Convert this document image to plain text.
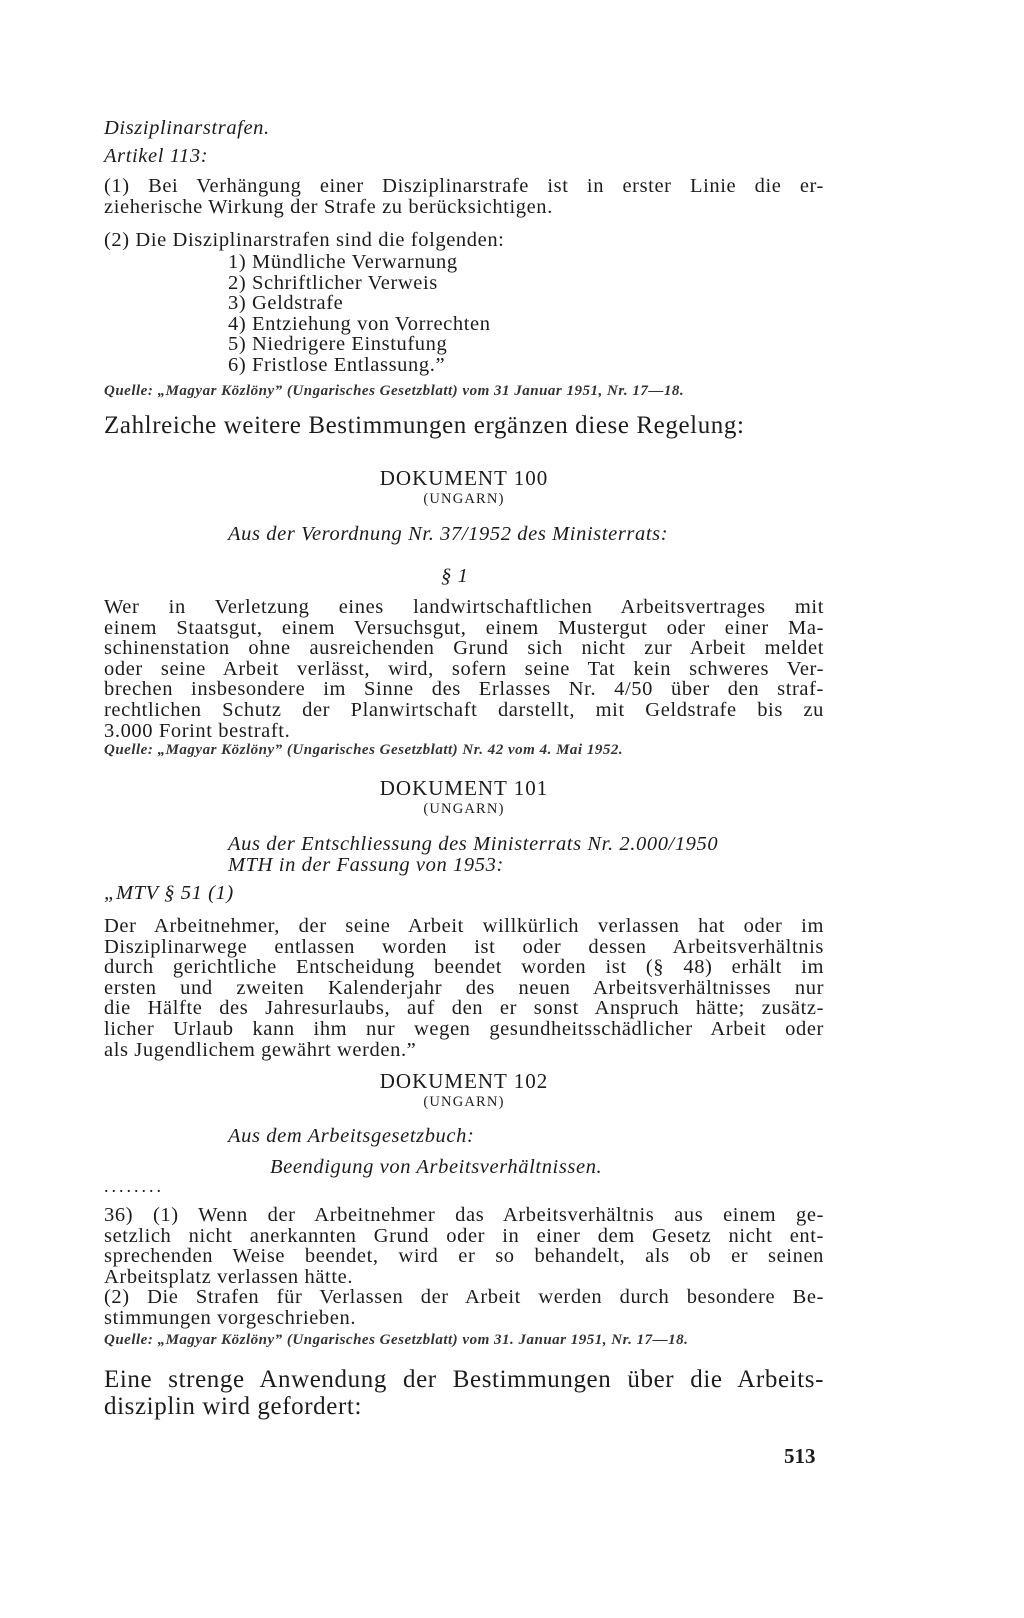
Disziplinarstrafen.

Artikel 113:

(1) Bei Verhängung einer Disziplinarstrafe ist in erster Linie die er-
zieherische Wirkung der Strafe zu berücksichtigen.

(2) Die Disziplinarstrafen sind die folgenden:

1) Mündliche Verwarnung
2) Schriftlicher Verweis
3) Geldstrafe
4) Entziehung von Vorrechten
5) Niedrigere Einstufung
6) Fristlose Entlassung.”

Quelle: „Magyar Közlöny” (Ungarisches Gesetzblatt) vom 31 Januar 1951, Nr. 17—18.

Zahlreiche weitere Bestimmungen ergänzen diese Regelung:

DOKUMENT 100
(UNGARN)

Aus der Verordnung Nr. 37/1952 des Ministerrats:

§ 1

Wer in Verletzung eines landwirtschaftlichen Arbeitsvertrages mit
einem Staatsgut, einem Versuchsgut, einem Mustergut oder einer Ma-
schinenstation ohne ausreichenden Grund sich nicht zur Arbeit meldet
oder seine Arbeit verlässt, wird, sofern seine Tat kein schweres Ver-
brechen insbesondere im Sinne des Erlasses Nr. 4/50 über den straf-
rechtlichen Schutz der Planwirtschaft darstellt, mit Geldstrafe bis zu
3.000 Forint bestraft.

Quelle: „Magyar Közlöny” (Ungarisches Gesetzblatt) Nr. 42 vom 4. Mai 1952.

DOKUMENT 101
(UNGARN)
Aus der Entschliessung des Ministerrats Nr. 2.000/1950
MTH in der Fassung von 1953:

„MTV § 51 (1)

Der Arbeitnehmer, der seine Arbeit willkürlich verlassen hat oder im
Disziplinarwege entlassen worden ist oder dessen Arbeitsverhältnis
durch gerichtliche Entscheidung beendet worden ist (§ 48) erhält im
ersten und zweiten Kalenderjahr des neuen Arbeitsverhältnisses nur
die Hälfte des Jahresurlaubs, auf den er sonst Anspruch hätte; zusätz-
licher Urlaub kann ihm nur wegen gesundheitsschädlicher Arbeit oder
als Jugendlichem gewährt werden.”
DOKUMENT 102
(UNGARN)

Aus dem Arbeitsgesetzbuch:

Beendigung von Arbeitsverhältnissen.

........

36) (1) Wenn der Arbeitnehmer das Arbeitsverhältnis aus einem ge-
setzlich nicht anerkannten Grund oder in einer dem Gesetz nicht ent-
sprechenden Weise beendet, wird er so behandelt, als ob er seinen
Arbeitsplatz verlassen hätte.
(2) Die Strafen für Verlassen der Arbeit werden durch besondere Be-
stimmungen vorgeschrieben.

Quelle: „Magyar Közlöny” (Ungarisches Gesetzblatt) vom 31. Januar 1951, Nr. 17—18.

Eine strenge Anwendung der Bestimmungen über die Arbeits-
disziplin wird gefordert:

513
